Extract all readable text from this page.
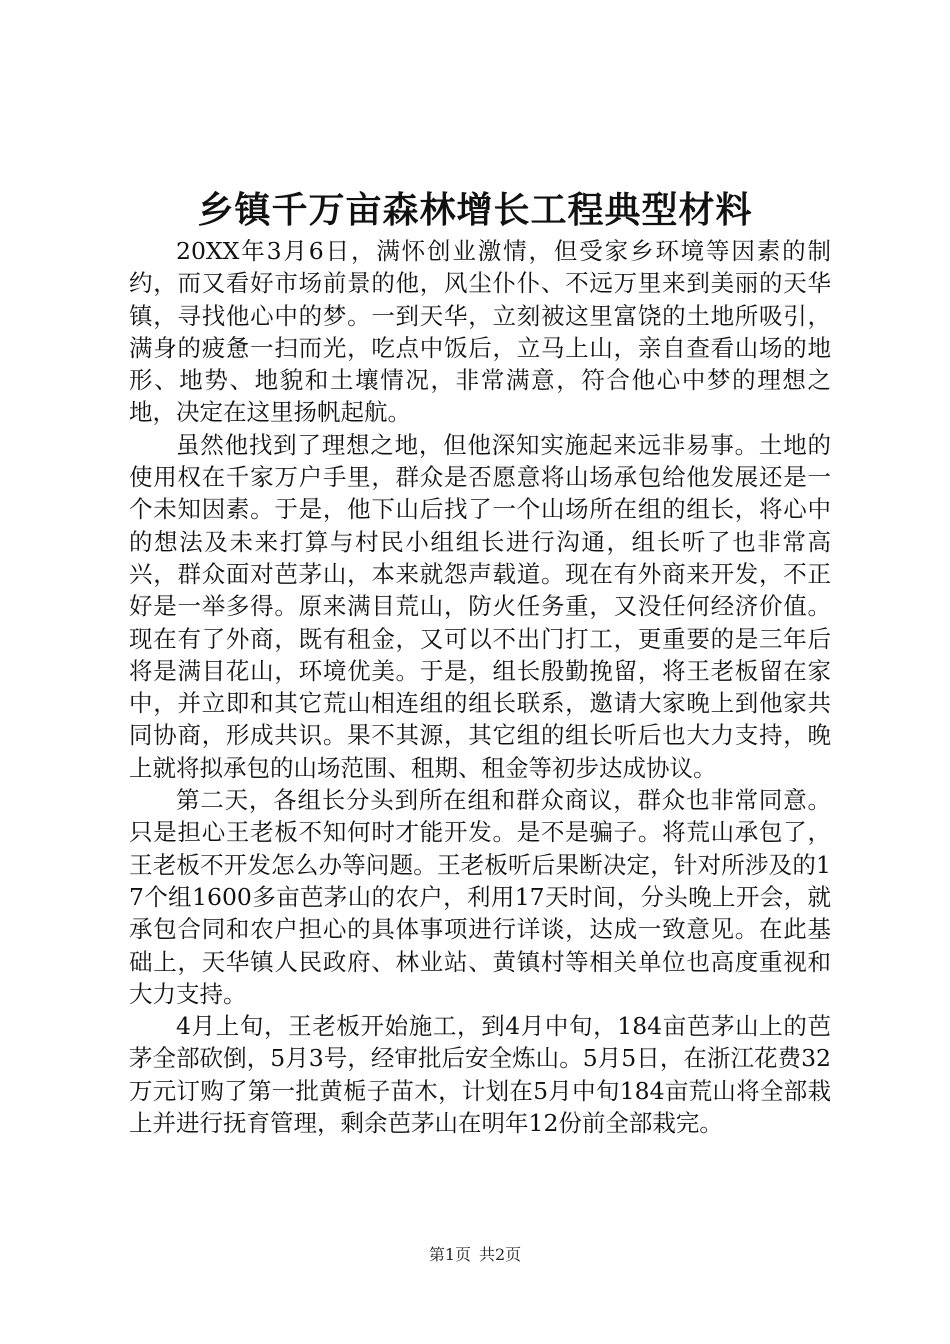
乡镇千万亩森林增长工程典型材料

20XX年3月6日，满怀创业激情，但受家乡环境等因素的制约，而又看好市场前景的他，风尘仆仆、不远万里来到美丽的天华镇，寻找他心中的梦。一到天华，立刻被这里富饶的土地所吸引，满身的疲惫一扫而光，吃点中饭后，立马上山，亲自查看山场的地形、地势、地貌和土壤情况，非常满意，符合他心中梦的理想之地，决定在这里扬帆起航。

虽然他找到了理想之地，但他深知实施起来远非易事。土地的使用权在千家万户手里，群众是否愿意将山场承包给他发展还是一个未知因素。于是，他下山后找了一个山场所在组的组长，将心中的想法及未来打算与村民小组组长进行沟通，组长听了也非常高兴，群众面对芭茅山，本来就怨声载道。现在有外商来开发，不正好是一举多得。原来满目荒山，防火任务重，又没任何经济价值。现在有了外商，既有租金，又可以不出门打工，更重要的是三年后将是满目花山，环境优美。于是，组长殷勤挽留，将王老板留在家中，并立即和其它荒山相连组的组长联系，邀请大家晚上到他家共同协商，形成共识。果不其源，其它组的组长听后也大力支持，晚上就将拟承包的山场范围、租期、租金等初步达成协议。

第二天，各组长分头到所在组和群众商议，群众也非常同意。只是担心王老板不知何时才能开发。是不是骗子。将荒山承包了，王老板不开发怎么办等问题。王老板听后果断决定，针对所涉及的17个组1600多亩芭茅山的农户，利用17天时间，分头晚上开会，就承包合同和农户担心的具体事项进行详谈，达成一致意见。在此基础上，天华镇人民政府、林业站、黄镇村等相关单位也高度重视和大力支持。

4月上旬，王老板开始施工，到4月中旬，184亩芭茅山上的芭茅全部砍倒，5月3号，经审批后安全炼山。5月5日，在浙江花费32万元订购了第一批黄栀子苗木，计划在5月中旬184亩荒山将全部栽上并进行抚育管理，剩余芭茅山在明年12份前全部栽完。

第1页 共2页
